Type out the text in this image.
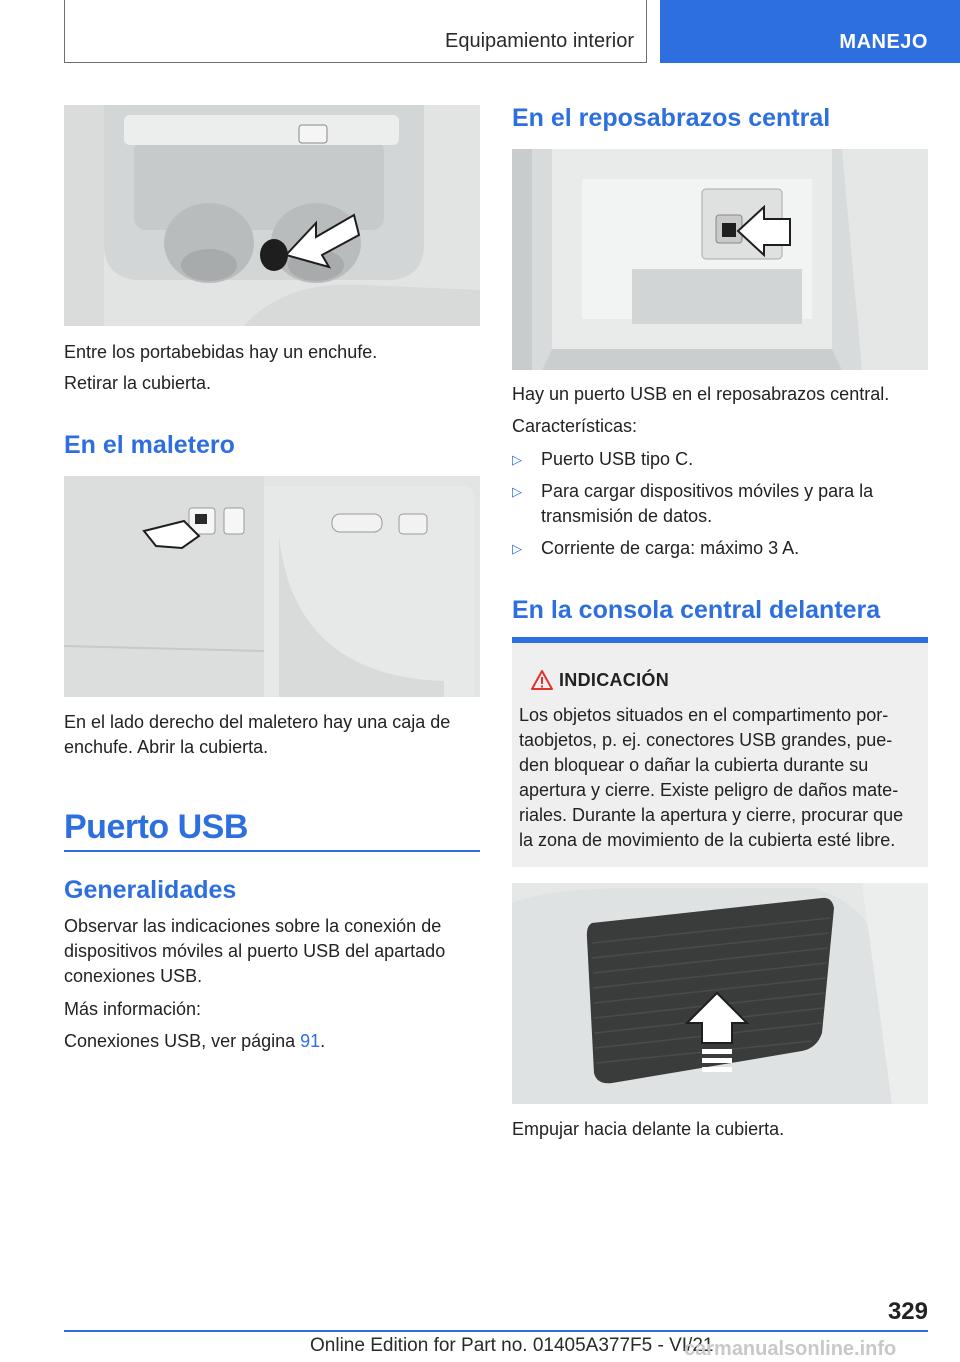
Equipamiento interior	MANEJO

Entre los portabebidas hay un enchufe.

Retirar la cubierta.

En el maletero

En el lado derecho del maletero hay una caja de

enchufe. Abrir la cubierta.

Puerto USB
Generalidades

Observar las indicaciones sobre la conexión de

dispositivos móviles al puerto USB del apartado

conexiones USB.

Más información:

Conexiones USB, ver página 91.

En el reposabrazos central

Hay un puerto USB en el reposabrazos central.

Características:

▷ Puerto USB tipo C.
▷ Para cargar dispositivos móviles y para la
transmisión de datos.
▷ Corriente de carga: máximo 3 A.
En la consola central delantera
INDICACIÓN
Los objetos situados en el compartimento por-
taobjetos, p. ej. conectores USB grandes, pue-
den bloquear o dañar la cubierta durante su
apertura y cierre. Existe peligro de daños mate-
riales. Durante la apertura y cierre, procurar que
la zona de movimiento de la cubierta esté libre.

Empujar hacia delante la cubierta.

329
Online Edition for Part no. 01405A377F5 - VI/21
carmanualsonline.info
